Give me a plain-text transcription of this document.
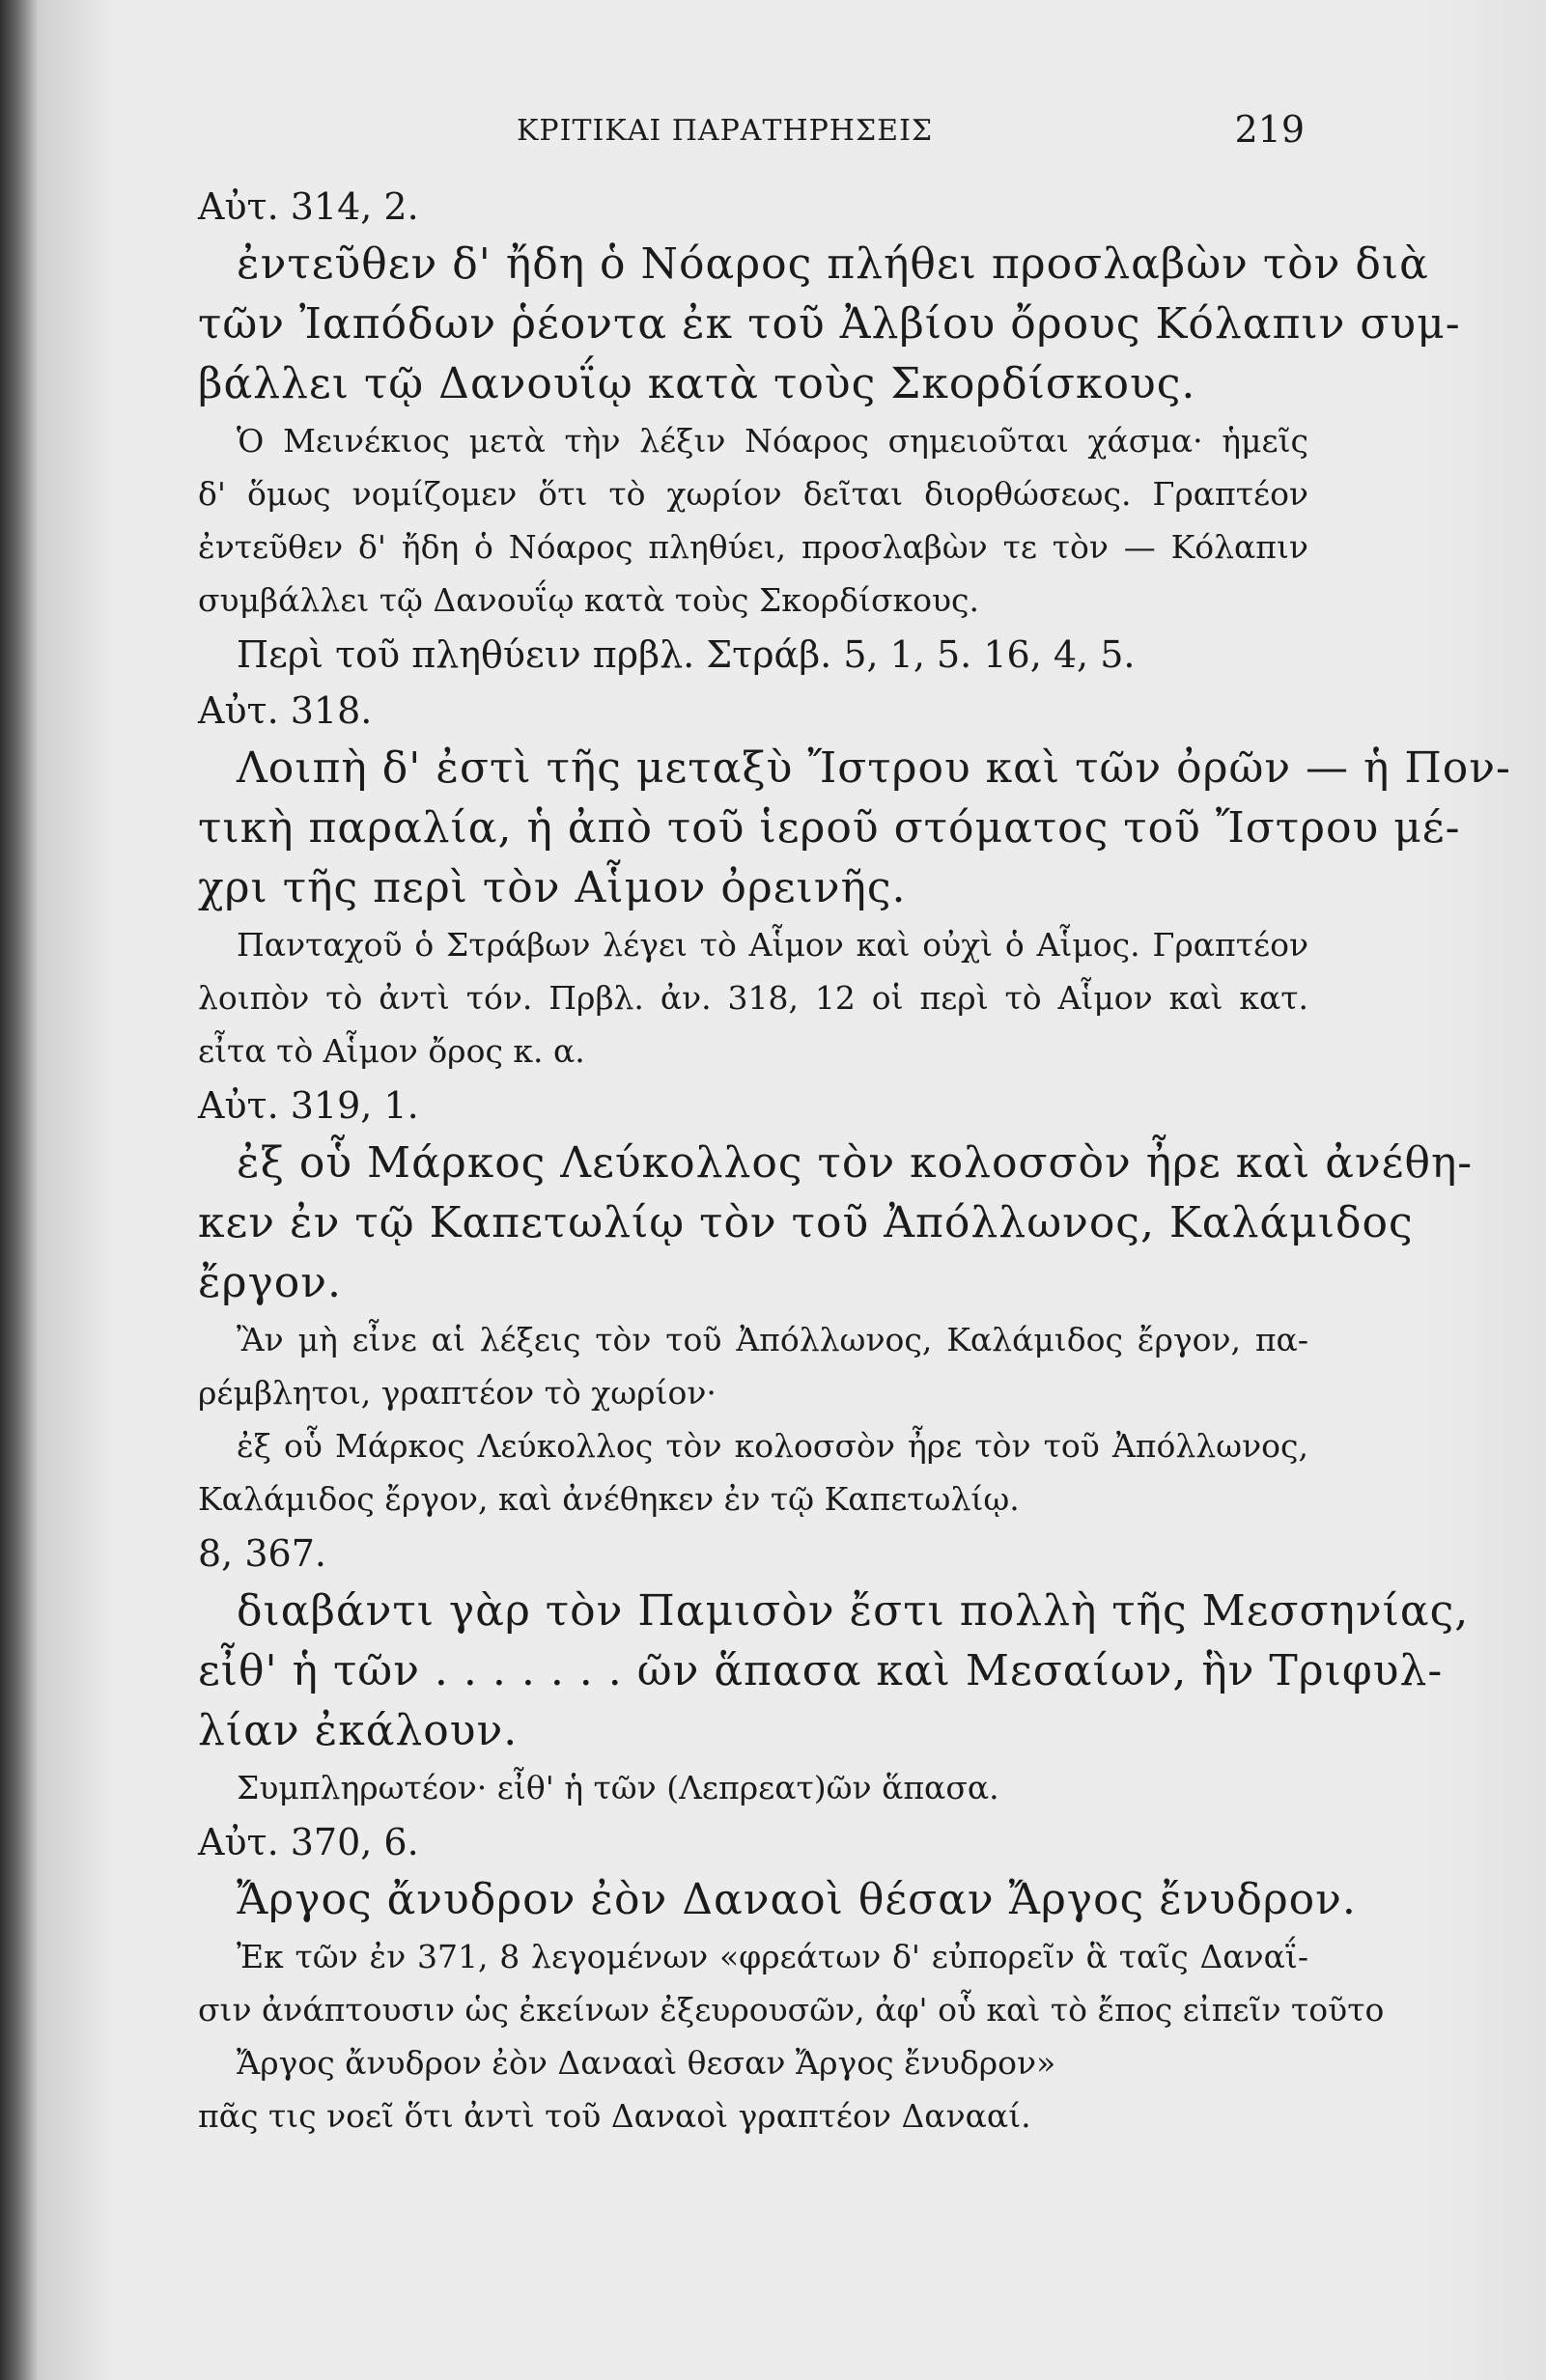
ΚΡΙΤΙΚΑΙ ΠΑΡΑΤΗΡΗΣΕΙΣ	219
Αὐτ. 314, 2.
ἐντεῦθεν δ' ἤδη ὁ Νόαρος πλήθει προσλαβὼν τὸν διὰ
τῶν Ἰαπόδων ῥέοντα ἐκ τοῦ Ἀλβίου ὄρους Κόλαπιν συμ-
βάλλει τῷ Δανουΐῳ κατὰ τοὺς Σκορδίσκους.
Ὁ Μεινέκιος μετὰ τὴν λέξιν Νόαρος σημειοῦται χάσμα· ἡμεῖς
δ' ὅμως νομίζομεν ὅτι τὸ χωρίον δεῖται διορθώσεως. Γραπτέον
ἐντεῦθεν δ' ἤδη ὁ Νόαρος πληθύει, προσλαβὼν τε τὸν — Κόλαπιν
συμβάλλει τῷ Δανουΐῳ κατὰ τοὺς Σκορδίσκους.
Περὶ τοῦ πληθύειν πρβλ. Στράβ. 5, 1, 5. 16, 4, 5.
Αὐτ. 318.
Λοιπὴ δ' ἐστὶ τῆς μεταξὺ Ἴστρου καὶ τῶν ὀρῶν — ἡ Πον-
τικὴ παραλία, ἡ ἀπὸ τοῦ ἱεροῦ στόματος τοῦ Ἴστρου μέ-
χρι τῆς περὶ τὸν Αἷμον ὀρεινῆς.
Πανταχοῦ ὁ Στράβων λέγει τὸ Αἷμον καὶ οὐχὶ ὁ Αἷμος. Γραπτέον
λοιπὸν τὸ ἀντὶ τόν. Πρβλ. ἀν. 318, 12 οἱ περὶ τὸ Αἷμον καὶ κατ.
εἶτα τὸ Αἷμον ὄρος κ. α.
Αὐτ. 319, 1.
ἐξ οὗ Μάρκος Λεύκολλος τὸν κολοσσὸν ἦρε καὶ ἀνέθη-
κεν ἐν τῷ Καπετωλίῳ τὸν τοῦ Ἀπόλλωνος, Καλάμιδος
ἔργον.
Ἂν μὴ εἶνε αἱ λέξεις τὸν τοῦ Ἀπόλλωνος, Καλάμιδος ἔργον, πα-
ρέμβλητοι, γραπτέον τὸ χωρίον·
ἐξ οὗ Μάρκος Λεύκολλος τὸν κολοσσὸν ἦρε τὸν τοῦ Ἀπόλλωνος,
Καλάμιδος ἔργον, καὶ ἀνέθηκεν ἐν τῷ Καπετωλίῳ.
8, 367.
διαβάντι γὰρ τὸν Παμισὸν ἔστι πολλὴ τῆς Μεσσηνίας,
εἶθ' ἡ τῶν . . . . . . . ῶν ἅπασα καὶ Μεσαίων, ἣν Τριφυλ-
λίαν ἐκάλουν.
Συμπληρωτέον· εἶθ' ἡ τῶν (Λεπρεατ)ῶν ἅπασα.
Αὐτ. 370, 6.
Ἄργος ἄνυδρον ἐὸν Δαναοὶ θέσαν Ἄργος ἔνυδρον.
Ἐκ τῶν ἐν 371, 8 λεγομένων «φρεάτων δ' εὐπορεῖν ἃ ταῖς Δαναΐ-
σιν ἀνάπτουσιν ὡς ἐκείνων ἐξευρουσῶν, ἀφ' οὗ καὶ τὸ ἔπος εἰπεῖν τοῦτο
Ἄργος ἄνυδρον ἐὸν Δανααὶ θεσαν Ἄργος ἔνυδρον»
πᾶς τις νοεῖ ὅτι ἀντὶ τοῦ Δαναοὶ γραπτέον Δανααί.
